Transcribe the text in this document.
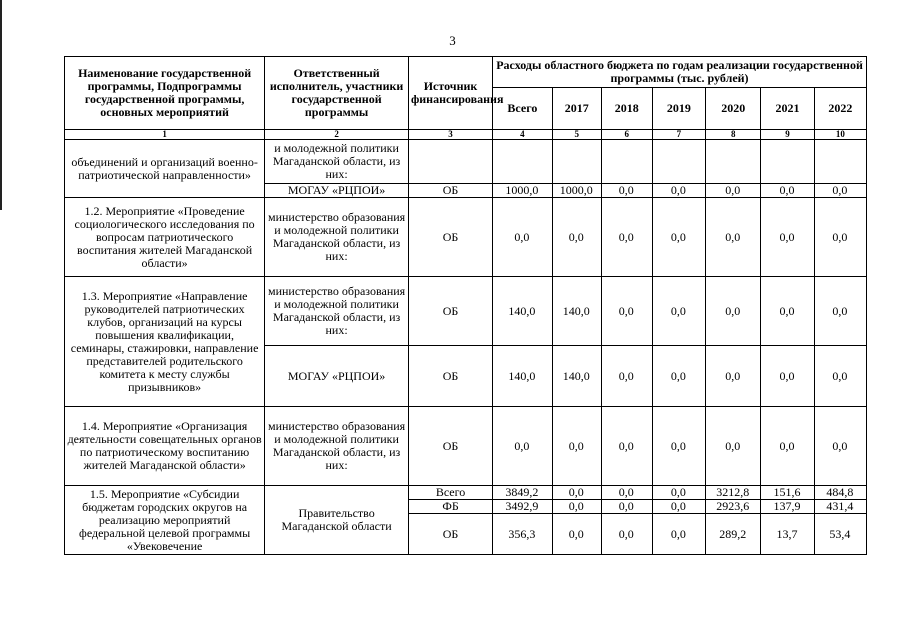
3
Наименование государственной программы, Подпрограммы государственной программы, основных мероприятий	Ответственный исполнитель, участники государственной программы	Источник финансирования	Расходы областного бюджета по годам реализации государственной программы (тыс. рублей)						
			Всего	2017	2018	2019	2020	2021	2022
1	2	3	4	5	6	7	8	9	10
объединений и организаций военно-патриотической направленности»	и молодежной политики Магаданской области, из них:								
	МОГАУ «РЦПОИ»	ОБ	1000,0	1000,0	0,0	0,0	0,0	0,0	0,0
1.2. Мероприятие «Проведение социологического исследования по вопросам патриотического воспитания жителей Магаданской области»	министерство образования и молодежной политики Магаданской области, из них:	ОБ	0,0	0,0	0,0	0,0	0,0	0,0	0,0
1.3. Мероприятие «Направление руководителей патриотических клубов, организаций на курсы повышения квалификации, семинары, стажировки, направление представителей родительского комитета к месту службы призывников»	министерство образования и молодежной политики Магаданской области, из них:	ОБ	140,0	140,0	0,0	0,0	0,0	0,0	0,0
	МОГАУ «РЦПОИ»	ОБ	140,0	140,0	0,0	0,0	0,0	0,0	0,0
1.4. Мероприятие «Организация деятельности совещательных органов по патриотическому воспитанию жителей Магаданской области»	министерство образования и молодежной политики Магаданской области, из них:	ОБ	0,0	0,0	0,0	0,0	0,0	0,0	0,0
1.5. Мероприятие «Субсидии бюджетам городских округов на реализацию мероприятий федеральной целевой программы «Увековечение	Правительство Магаданской области	Всего	3849,2	0,0	0,0	0,0	3212,8	151,6	484,8
		ФБ	3492,9	0,0	0,0	0,0	2923,6	137,9	431,4
		ОБ	356,3	0,0	0,0	0,0	289,2	13,7	53,4
